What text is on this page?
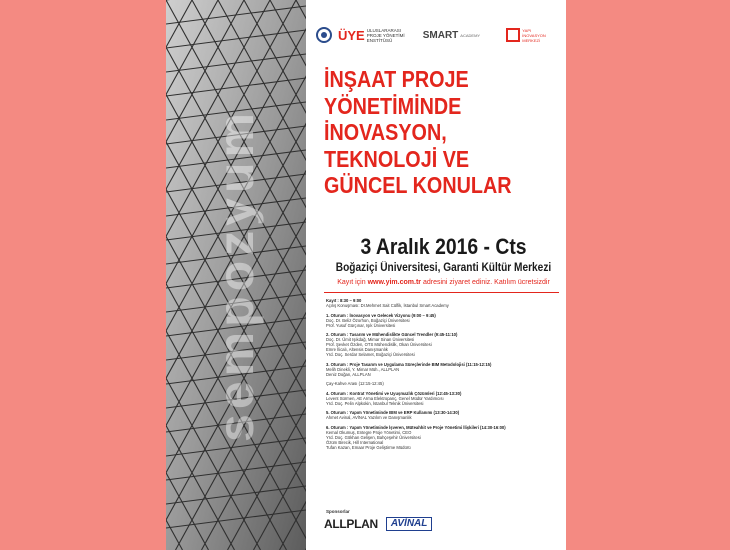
sempozyum
ÜYE ULUSLARARASI PROJE YÖNETİMİ ENSTİTÜSÜ	SMART ACADEMY
YAPI İNOVASYON MERKEZİ
İNŞAAT PROJE
YÖNETİMİNDE
İNOVASYON,
TEKNOLOJİ VE
GÜNCEL KONULAR
3 Aralık 2016 - Cts
Boğaziçi Üniversitesi, Garanti Kültür Merkezi
Kayıt için www.yim.com.tr adresini ziyaret ediniz. Katılım ücretsizdir
Kayıt : 8:30 – 9:00
Açılış Konuşması: Dr.Mehmet Sait Cülfik, İstanbul Smart Academy
1. Oturum : İnovasyon ve Gelecek Vizyonu (9:00 – 9:45)
Doç. Dr. Beliz Özorhon, Boğaziçi Üniversitesi
Prof. Yusuf Gürçınar, Işık Üniversitesi
2. Oturum : Tasarım ve Mühendislikte Güncel Trendler (9:45-11:10)
Doç. Dr. Ümit Işıkdağ, Mimar Sinan Üniversitesi
Prof. Şevket Özden, OTS Mühendislik, Okan Üniversitesi
Emre İlicalı, Altensis Danışmanlık
Yrd. Doç. Serdar Selamet, Boğaziçi Üniversitesi
3. Oturum : Proje Tasarım ve Uygulama Süreçlerinde BIM Metodolojisi (11:15-12:15)
Melih Dinekli, Y. Mimar Müh., ALLPLAN
Deniz Doğan, ALLPLAN
Çay-Kahve Arası (12:15-12:45)
4. Oturum : Kontrat Yönetimi ve Uyuşmazlık Çözümleri (12:45-13:30)
Levent Sürmen, AE Arma Elektropanç, Genel Müdür Yardımcısı
Yrd. Doç. Pelin Alpkokin, İstanbul Teknik Üniversitesi
5. Oturum : Yapım Yönetiminde BIM ve ERP Kullanımı (13:30-14:30)
Ahmet Avinal, AVİNAL Yazılım ve Danışmanlık
6. Oturum : Yapım Yönetiminde İşveren, Müteahhit ve Proje Yönetimi İlişkileri (14:30-16:00)
Kemal Okumuş, Entegre Proje Yönetimi, CEO
Yrd. Doç. Gökhan Gelişen, Bahçeşehir Üniversitesi
Özüm Birecik, Hill International
Tufan Kazan, Emaar Proje Geliştirme Müdürü
Sponsorlar
ALLPLAN	AVİNAL
